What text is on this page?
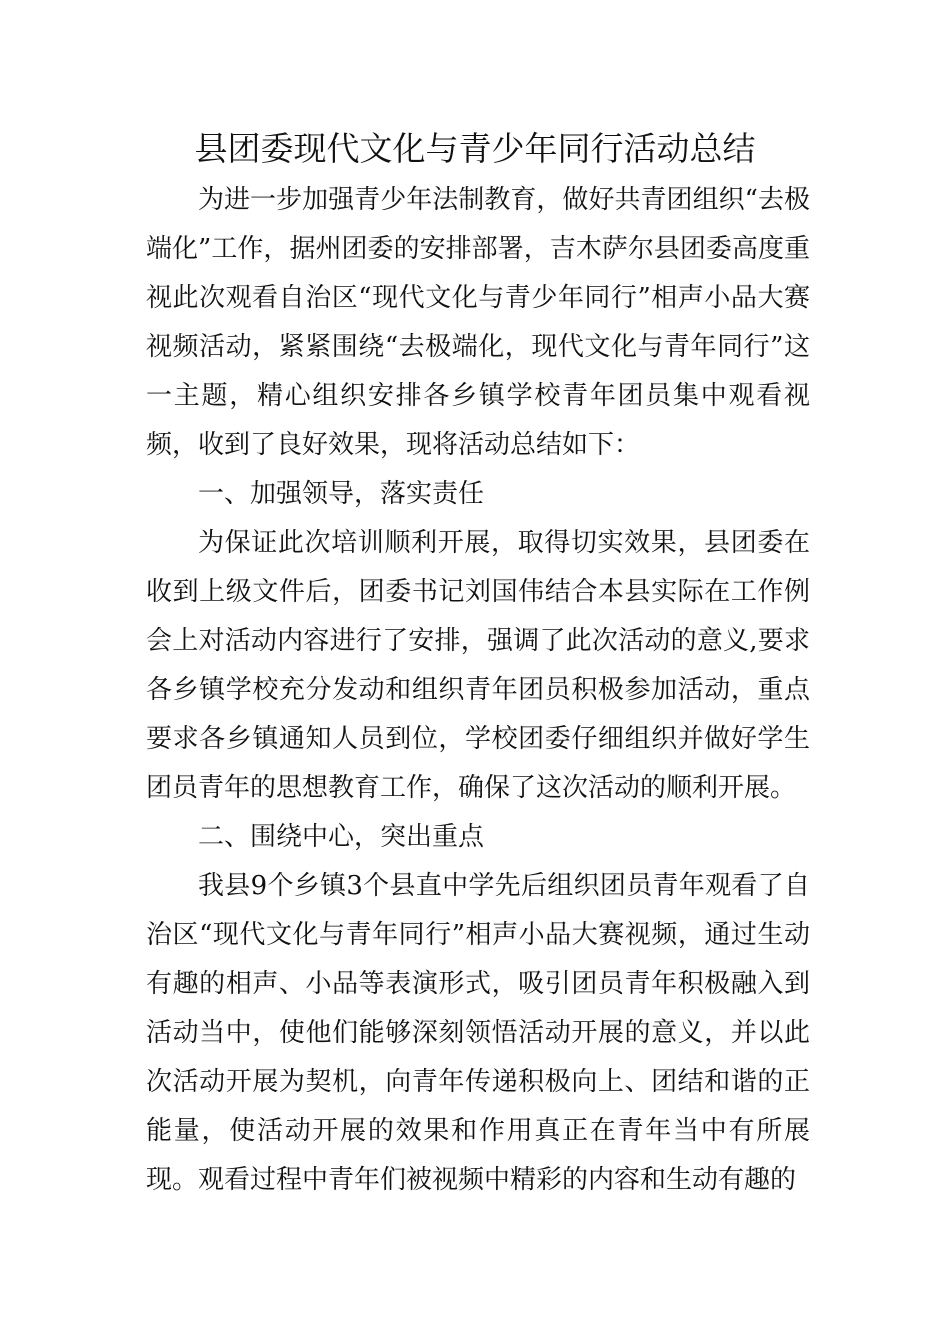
县团委现代文化与青少年同行活动总结

为进一步加强青少年法制教育，做好共青团组织“去极端化”工作，据州团委的安排部署，吉木萨尔县团委高度重视此次观看自治区“现代文化与青少年同行”相声小品大赛视频活动，紧紧围绕“去极端化，现代文化与青年同行”这一主题，精心组织安排各乡镇学校青年团员集中观看视频，收到了良好效果，现将活动总结如下：

一、加强领导，落实责任

为保证此次培训顺利开展，取得切实效果，县团委在收到上级文件后，团委书记刘国伟结合本县实际在工作例会上对活动内容进行了安排，强调了此次活动的意义,要求各乡镇学校充分发动和组织青年团员积极参加活动，重点要求各乡镇通知人员到位，学校团委仔细组织并做好学生团员青年的思想教育工作，确保了这次活动的顺利开展。

二、围绕中心，突出重点

我县9个乡镇3个县直中学先后组织团员青年观看了自治区“现代文化与青年同行”相声小品大赛视频，通过生动有趣的相声、小品等表演形式，吸引团员青年积极融入到活动当中，使他们能够深刻领悟活动开展的意义，并以此次活动开展为契机，向青年传递积极向上、团结和谐的正能量，使活动开展的效果和作用真正在青年当中有所展现。观看过程中青年们被视频中精彩的内容和生动有趣的
